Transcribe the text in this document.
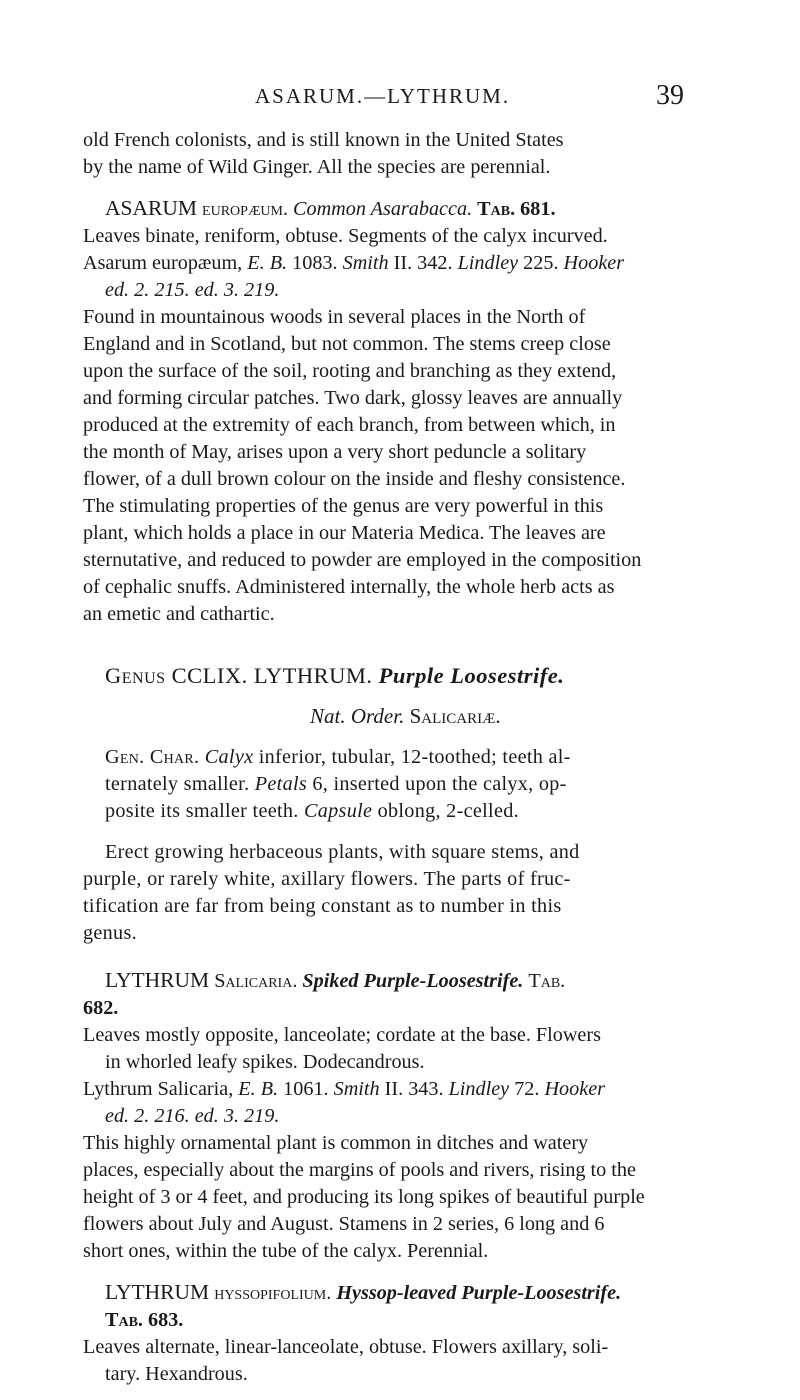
ASARUM.—LYTHRUM.	39
old French colonists, and is still known in the United States
by the name of Wild Ginger. All the species are perennial.
ASARUM europæum. Common Asarabacca. Tab. 681.
Leaves binate, reniform, obtuse. Segments of the calyx incurved.
Asarum europæum, E. B. 1083. Smith II. 342. Lindley 225. Hooker
ed. 2. 215. ed. 3. 219.
Found in mountainous woods in several places in the North of
England and in Scotland, but not common. The stems creep close
upon the surface of the soil, rooting and branching as they extend,
and forming circular patches. Two dark, glossy leaves are annually
produced at the extremity of each branch, from between which, in
the month of May, arises upon a very short peduncle a solitary
flower, of a dull brown colour on the inside and fleshy consistence.
The stimulating properties of the genus are very powerful in this
plant, which holds a place in our Materia Medica. The leaves are
sternutative, and reduced to powder are employed in the composition
of cephalic snuffs. Administered internally, the whole herb acts as
an emetic and cathartic.
Genus CCLIX. LYTHRUM. Purple Loosestrife.
Nat. Order. Salicariæ.
Gen. Char. Calyx inferior, tubular, 12-toothed; teeth al-
ternately smaller. Petals 6, inserted upon the calyx, op-
posite its smaller teeth. Capsule oblong, 2-celled.
Erect growing herbaceous plants, with square stems, and
purple, or rarely white, axillary flowers. The parts of fruc-
tification are far from being constant as to number in this
genus.
LYTHRUM Salicaria. Spiked Purple-Loosestrife. Tab.
682.
Leaves mostly opposite, lanceolate; cordate at the base. Flowers
in whorled leafy spikes. Dodecandrous.
Lythrum Salicaria, E. B. 1061. Smith II. 343. Lindley 72. Hooker
ed. 2. 216. ed. 3. 219.
This highly ornamental plant is common in ditches and watery
places, especially about the margins of pools and rivers, rising to the
height of 3 or 4 feet, and producing its long spikes of beautiful purple
flowers about July and August. Stamens in 2 series, 6 long and 6
short ones, within the tube of the calyx. Perennial.
LYTHRUM hyssopifolium. Hyssop-leaved Purple-Loosestrife.
Tab. 683.
Leaves alternate, linear-lanceolate, obtuse. Flowers axillary, soli-
tary. Hexandrous.
